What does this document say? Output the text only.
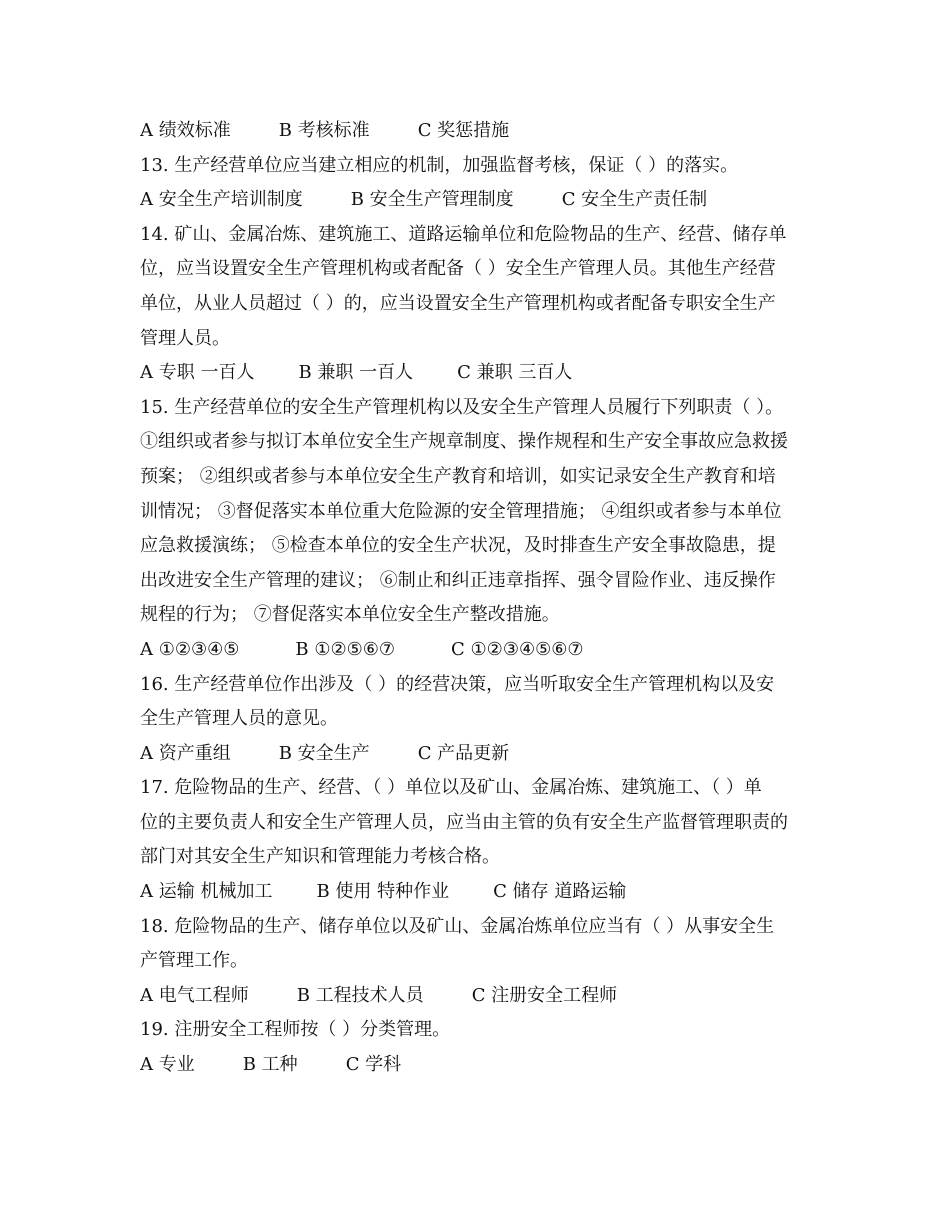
A 绩效标准	B 考核标准	C 奖惩措施
13. 生产经营单位应当建立相应的机制，加强监督考核，保证（ ）的落实。
A 安全生产培训制度	B 安全生产管理制度	C 安全生产责任制
14. 矿山、金属冶炼、建筑施工、道路运输单位和危险物品的生产、经营、储存单
位，应当设置安全生产管理机构或者配备（ ）安全生产管理人员。其他生产经营
单位，从业人员超过（ ）的，应当设置安全生产管理机构或者配备专职安全生产
管理人员。
A 专职 一百人 B 兼职 一百人 C 兼职 三百人
15. 生产经营单位的安全生产管理机构以及安全生产管理人员履行下列职责（ ）。
①组织或者参与拟订本单位安全生产规章制度、操作规程和生产安全事故应急救援
预案； ②组织或者参与本单位安全生产教育和培训，如实记录安全生产教育和培
训情况； ③督促落实本单位重大危险源的安全管理措施； ④组织或者参与本单位
应急救援演练； ⑤检查本单位的安全生产状况，及时排查生产安全事故隐患，提
出改进安全生产管理的建议； ⑥制止和纠正违章指挥、强令冒险作业、违反操作
规程的行为； ⑦督促落实本单位安全生产整改措施。
A ①②③④⑤	B ①②⑤⑥⑦	C ①②③④⑤⑥⑦
16. 生产经营单位作出涉及（ ）的经营决策，应当听取安全生产管理机构以及安
全生产管理人员的意见。
A 资产重组	B 安全生产	C 产品更新
17. 危险物品的生产、经营、（ ）单位以及矿山、金属冶炼、建筑施工、（ ）单
位的主要负责人和安全生产管理人员，应当由主管的负有安全生产监督管理职责的
部门对其安全生产知识和管理能力考核合格。
A 运输 机械加工 B 使用 特种作业 C 储存 道路运输
18. 危险物品的生产、储存单位以及矿山、金属冶炼单位应当有（ ）从事安全生
产管理工作。
A 电气工程师	B 工程技术人员	C 注册安全工程师
19. 注册安全工程师按（ ）分类管理。
A 专业	B 工种	C 学科
